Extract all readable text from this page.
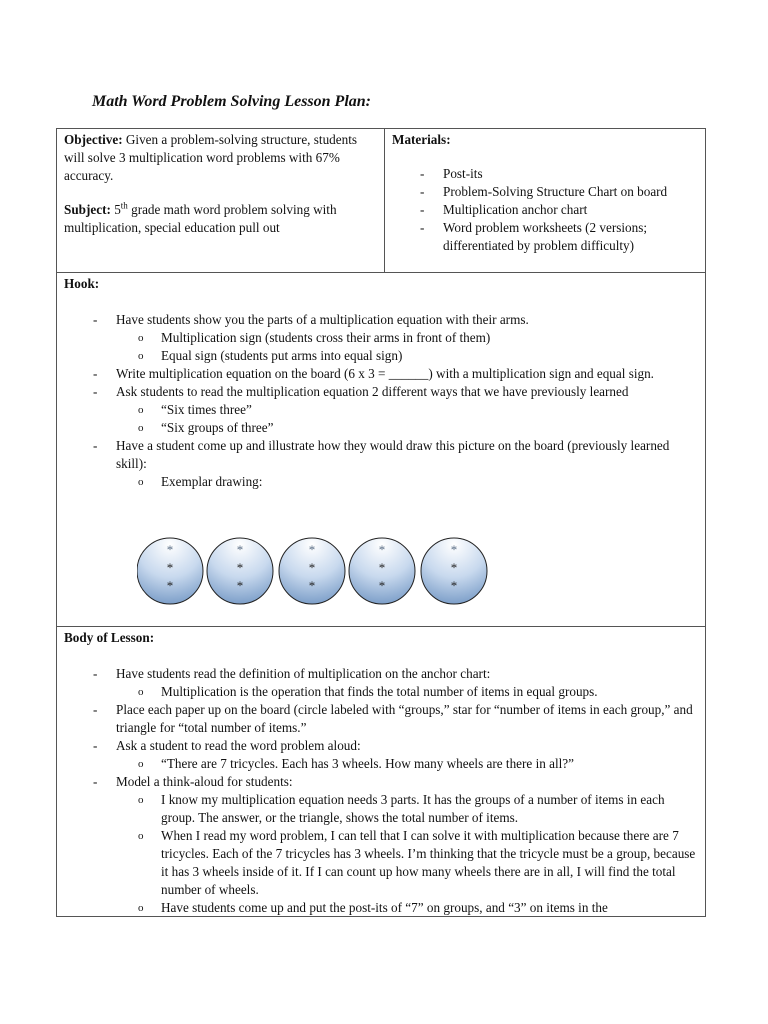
Math Word Problem Solving Lesson Plan:
Objective: Given a problem-solving structure, students will solve 3 multiplication word problems with 67% accuracy.
Subject: 5th grade math word problem solving with multiplication, special education pull out
Materials:
- Post-its
- Problem-Solving Structure Chart on board
- Multiplication anchor chart
- Word problem worksheets (2 versions; differentiated by problem difficulty)
Hook:
- Have students show you the parts of a multiplication equation with their arms.
o Multiplication sign (students cross their arms in front of them)
o Equal sign (students put arms into equal sign)
- Write multiplication equation on the board (6 x 3 = ______) with a multiplication sign and equal sign.
- Ask students to read the multiplication equation 2 different ways that we have previously learned
o “Six times three”
o “Six groups of three”
- Have a student come up and illustrate how they would draw this picture on the board (previously learned skill):
o Exemplar drawing:
*
*
*
*
*
*
*
*
*
*
*
*
*
*
*
Body of Lesson:
- Have students read the definition of multiplication on the anchor chart:
o Multiplication is the operation that finds the total number of items in equal groups.
- Place each paper up on the board (circle labeled with “groups,” star for “number of items in each group,” and triangle for “total number of items.”
- Ask a student to read the word problem aloud:
o “There are 7 tricycles. Each has 3 wheels. How many wheels are there in all?”
- Model a think-aloud for students:
o I know my multiplication equation needs 3 parts. It has the groups of a number of items in each group. The answer, or the triangle, shows the total number of items.
o When I read my word problem, I can tell that I can solve it with multiplication because there are 7 tricycles. Each of the 7 tricycles has 3 wheels. I’m thinking that the tricycle must be a group, because it has 3 wheels inside of it. If I can count up how many wheels there are in all, I will find the total number of wheels.
o Have students come up and put the post-its of “7” on groups, and “3” on items in the
